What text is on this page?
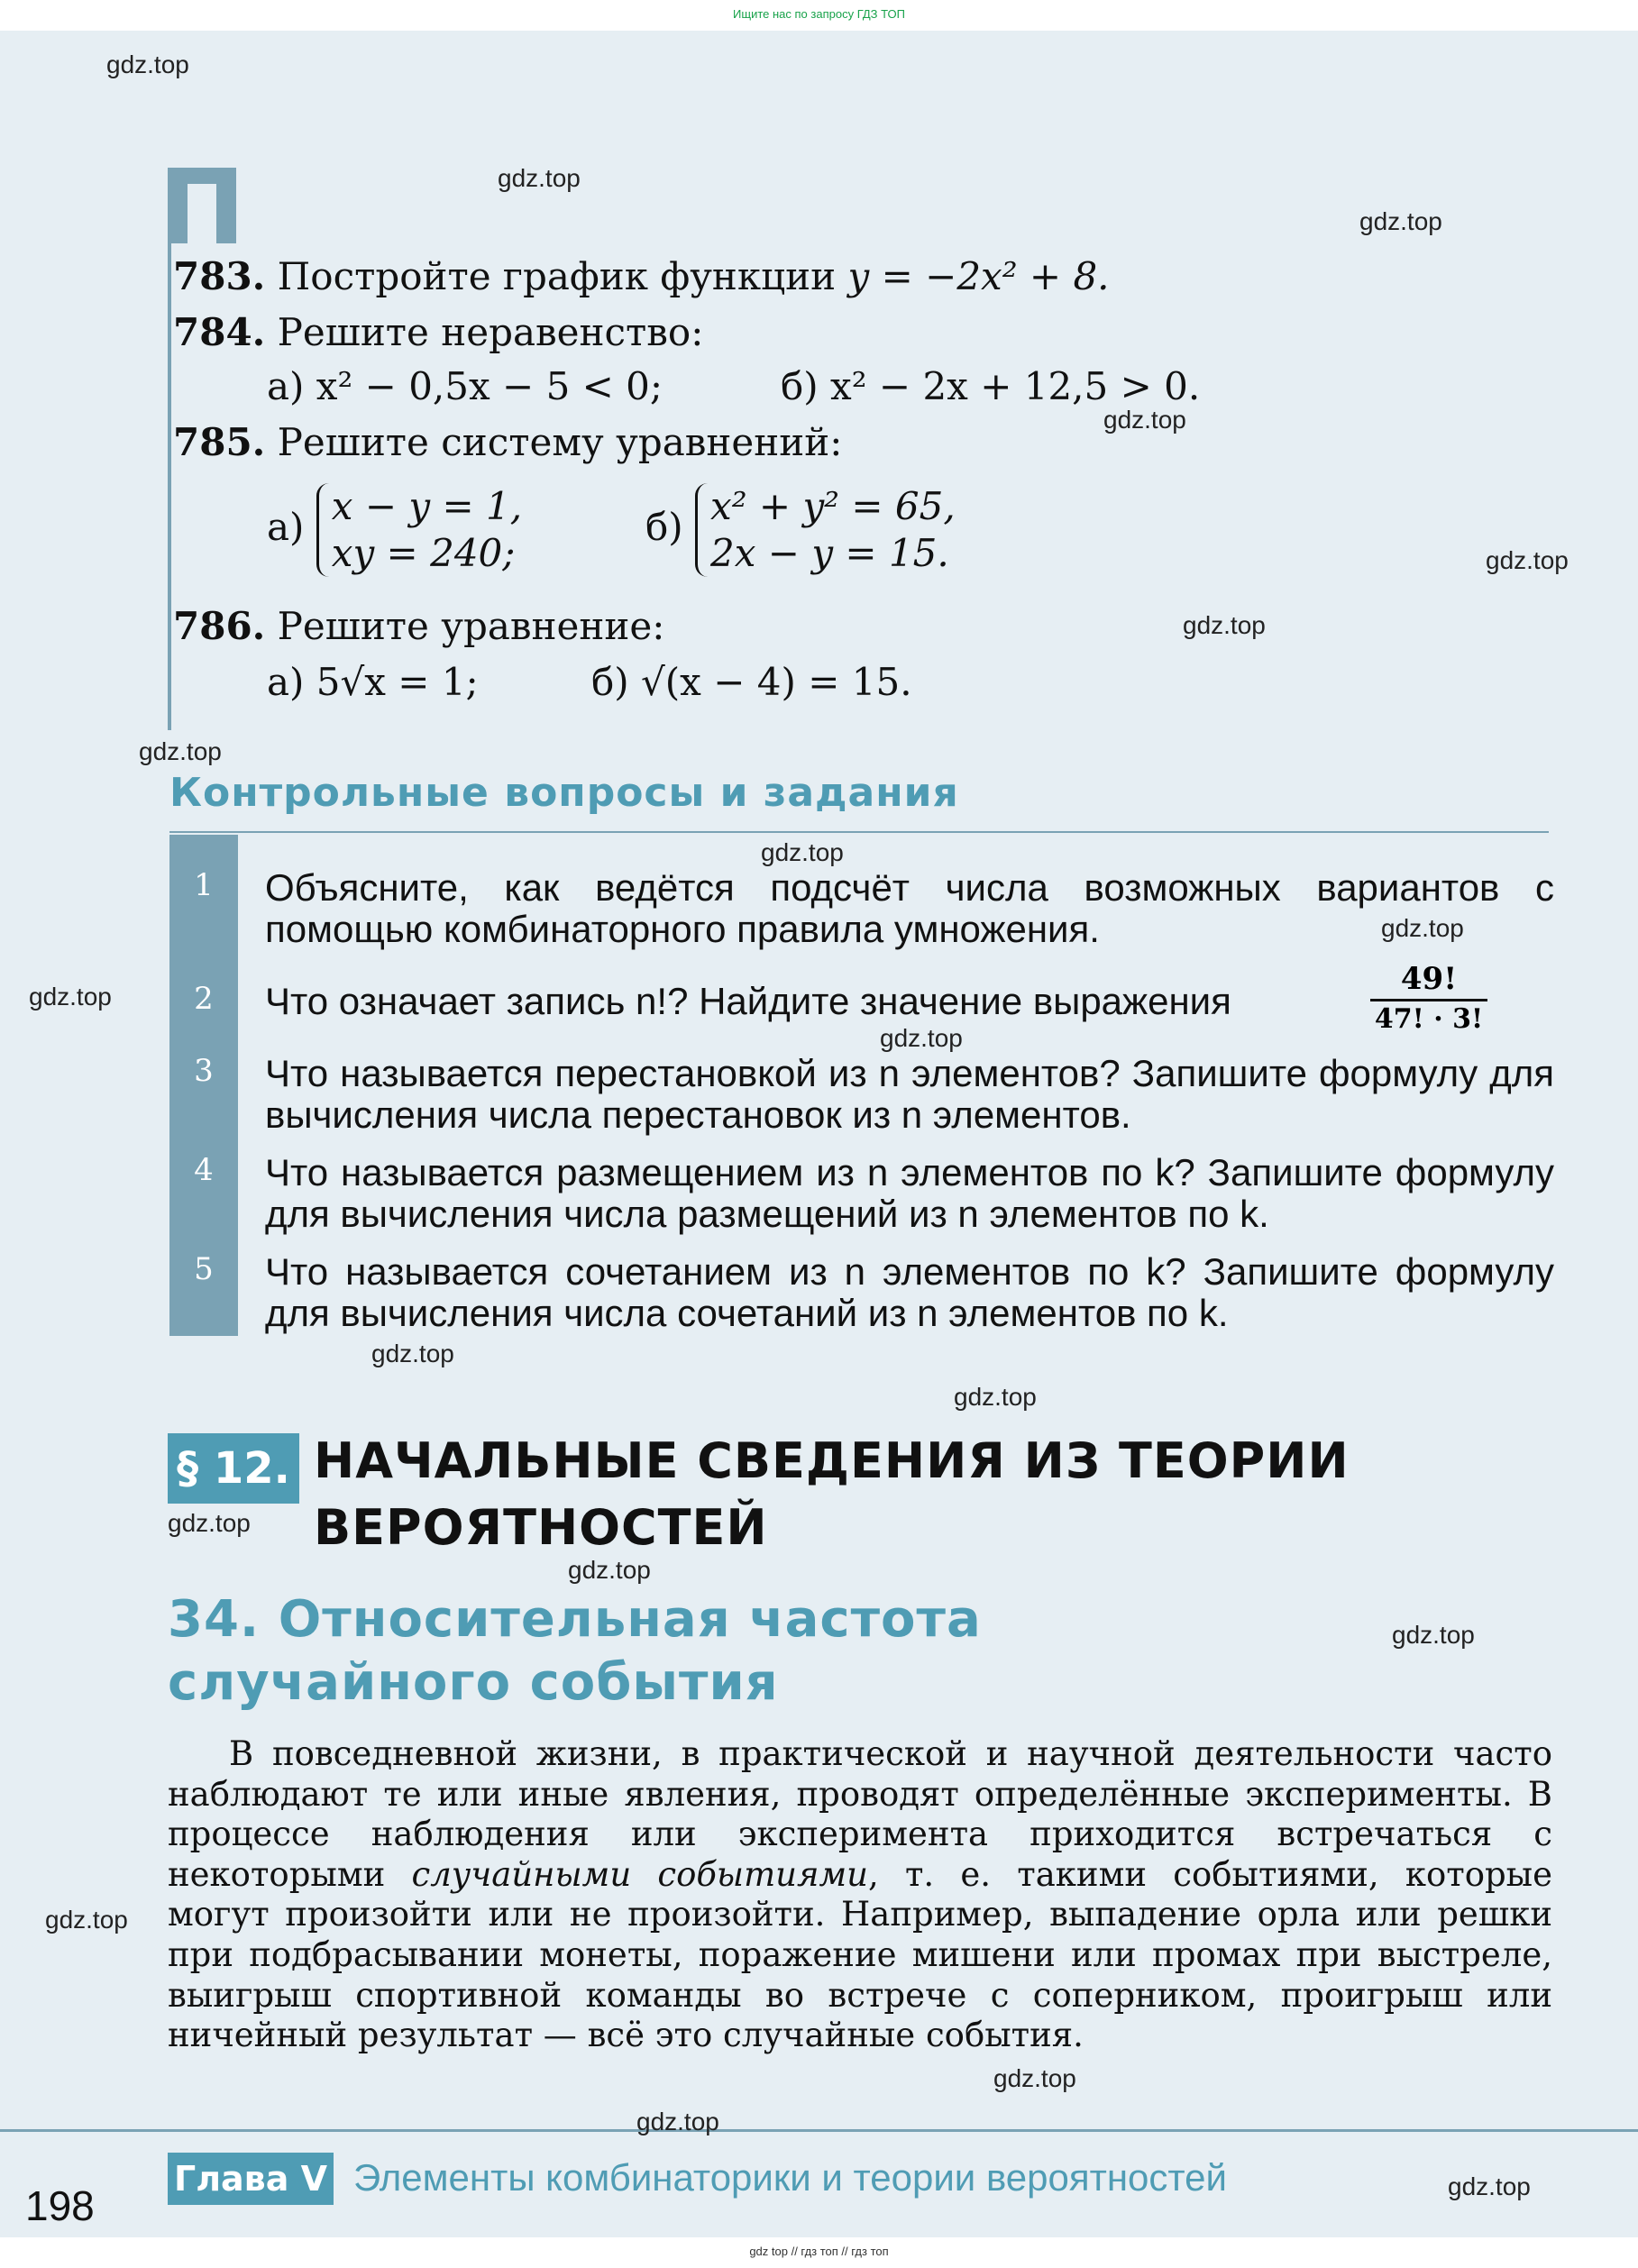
Ищите нас по запросу ГДЗ ТОП
783. Постройте график функции y = −2x² + 8.
784. Решите неравенство:
а) x² − 0,5x − 5 < 0;	б) x² − 2x + 12,5 > 0.
785. Решите систему уравнений:
а) x − y = 1,
xy = 240;
б) x² + y² = 65,
2x − y = 15.
786. Решите уравнение:
а) 5√x = 1;	б) √(x − 4) = 15.
Контрольные вопросы и задания
1	Объясните, как ведётся подсчёт числа возможных вариантов с помощью комбинаторного правила умножения.
2	Что означает запись n!? Найдите значение выражения	$\frac{49!}{47! \cdot 3!}$
3	Что называется перестановкой из n элементов? Запишите формулу для вычисления числа перестановок из n элементов.
4	Что называется размещением из n элементов по k? Запишите формулу для вычисления числа размещений из n элементов по k.
5	Что называется сочетанием из n элементов по k? Запишите формулу для вычисления числа сочетаний из n элементов по k.
§ 12. НАЧАЛЬНЫЕ СВЕДЕНИЯ ИЗ ТЕОРИИ
ВЕРОЯТНОСТЕЙ
34. Относительная частота
случайного события

В повседневной жизни, в практической и научной деятельности часто наблюдают те или иные явления, проводят определённые эксперименты. В процессе наблюдения или эксперимента приходится встречаться с некоторыми случайными событиями, т. е. такими событиями, которые могут произойти или не произойти. Например, выпадение орла или решки при подбрасывании монеты, поражение мишени или промах при выстреле, выигрыш спортивной команды во встрече с соперником, проигрыш или ничейный результат — всё это случайные события.

198
Глава V Элементы комбинаторики и теории вероятностей
gdz.top
gdz.top
gdz.top
gdz.top
gdz.top
gdz.top
gdz.top
gdz.top
gdz.top
gdz.top
gdz.top
gdz.top
gdz.top
gdz.top
gdz.top
gdz.top
gdz.top
gdz.top
gdz.top
gdz.top
gdz top // гдз топ // гдз топ
